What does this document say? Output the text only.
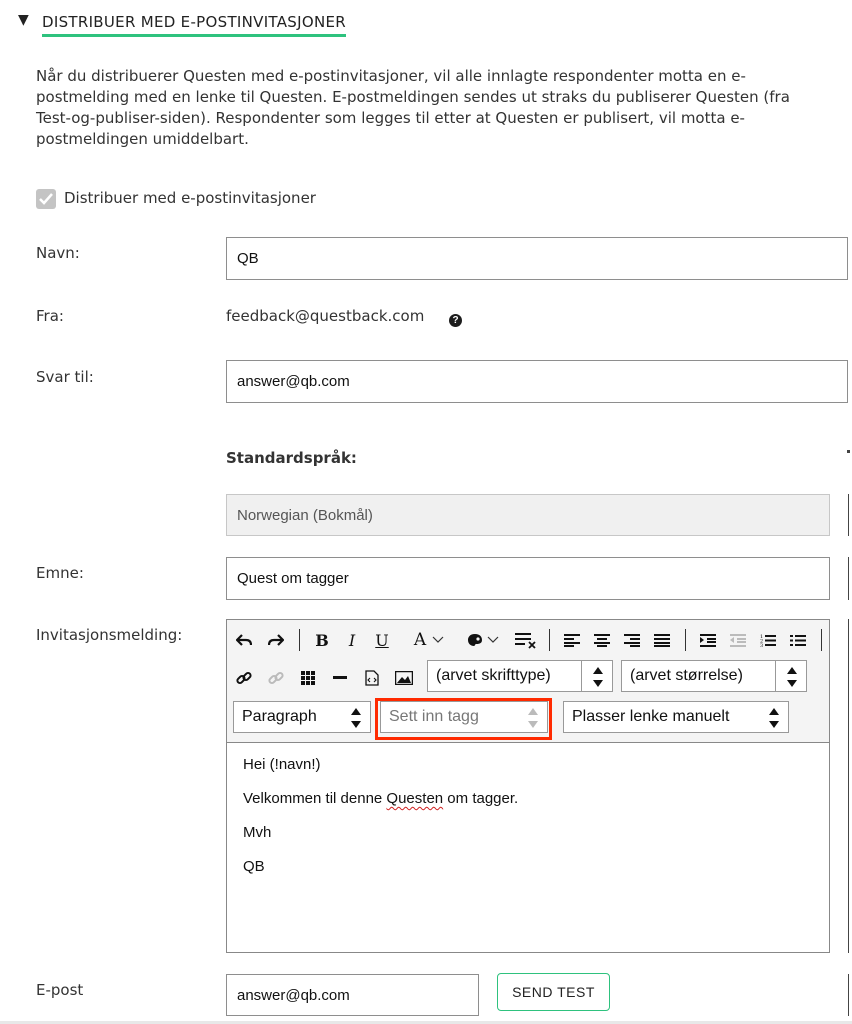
▼ DISTRIBUER MED E-POSTINVITASJONER
Når du distribuerer Questen med e-postinvitasjoner, vil alle innlagte respondenter motta en e-postmelding med en lenke til Questen. E-postmeldingen sendes ut straks du publiserer Questen (fra Test-og-publiser-siden). Respondenter som legges til etter at Questen er publisert, vil motta e-postmeldingen umiddelbart.
Distribuer med e-postinvitasjoner
Navn:	QB
Fra:	feedback@questback.com	?
Svar til:	answer@qb.com
Standardspråk:
Norwegian (Bokmål)
Emne:	Quest om tagger
Invitasjonsmelding:	B	I	U A	1
2
3
(arvet skrifttype)	(arvet størrelse)
Paragraph	Sett inn tagg	Plasser lenke manuelt

Hei (!navn!)

Velkommen til denne Questen om tagger.

Mvh

QB

E-post	answer@qb.com	SEND TEST
